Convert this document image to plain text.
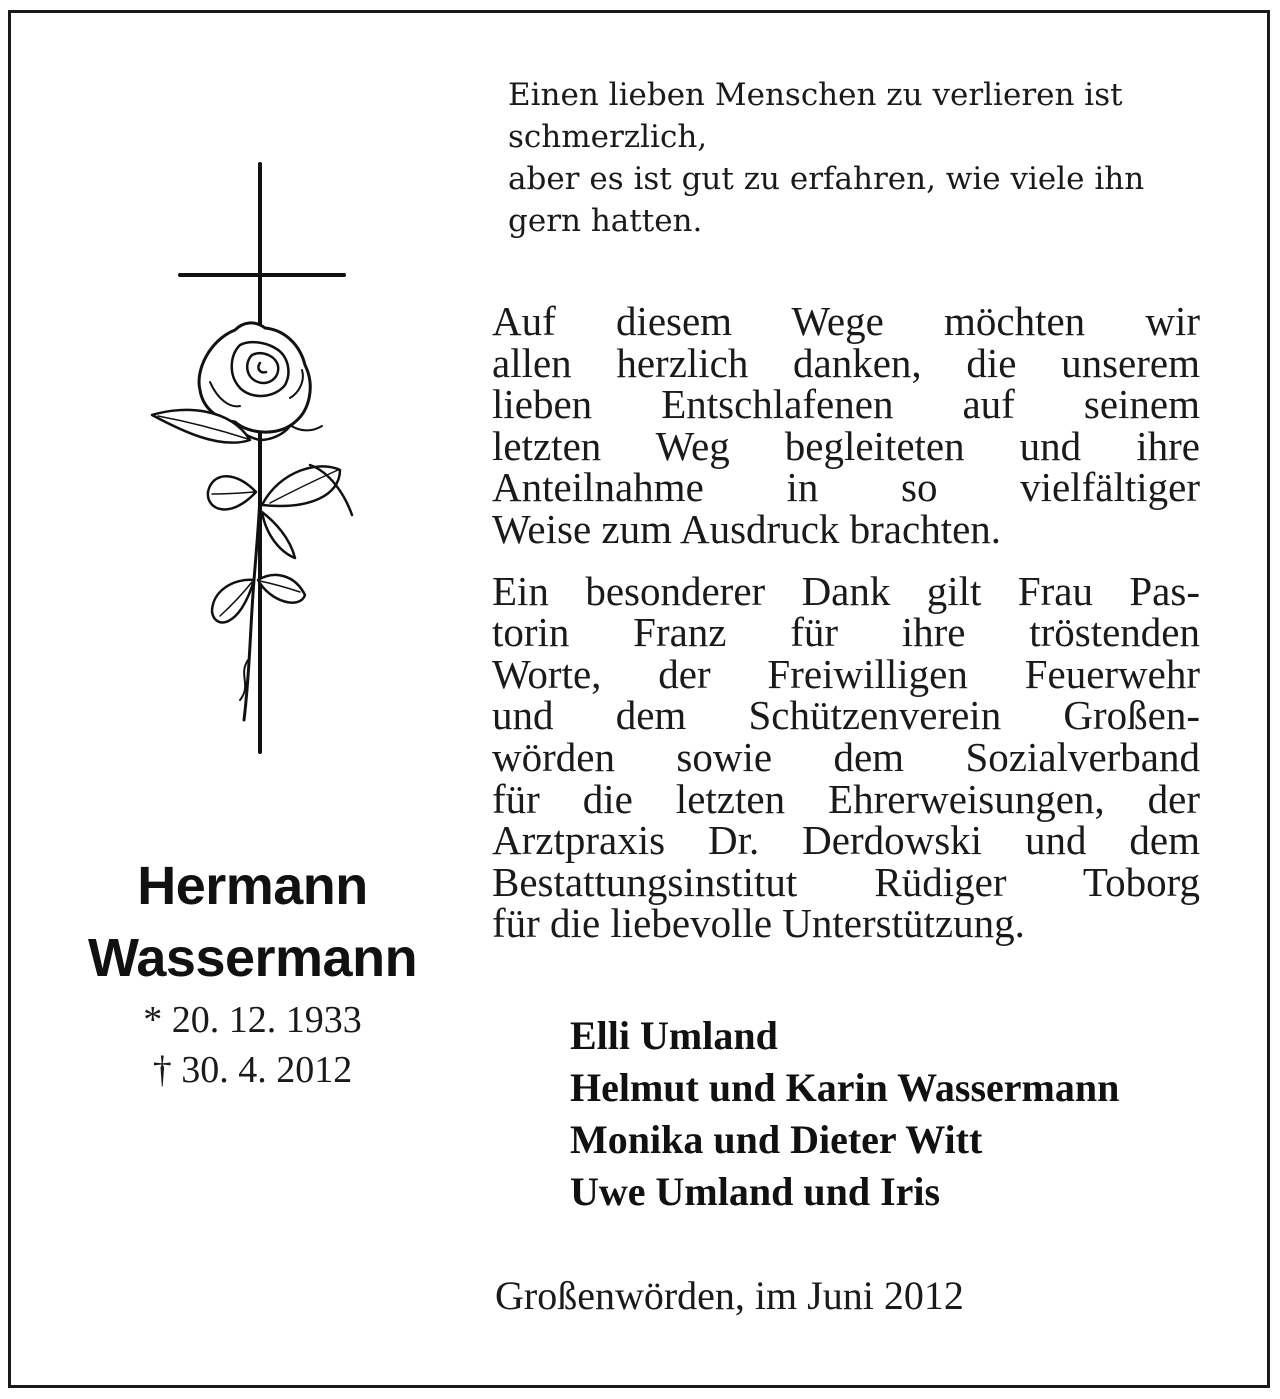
Einen lieben Menschen zu verlieren ist
schmerzlich,
aber es ist gut zu erfahren, wie viele ihn
gern hatten.
Auf diesem Wege möchten wir
allen herzlich danken, die unserem
lieben Entschlafenen auf seinem
letzten Weg begleiteten und ihre
Anteilnahme in so vielfältiger
Weise zum Ausdruck brachten.
Ein besonderer Dank gilt Frau Pas-
torin Franz für ihre tröstenden
Worte, der Freiwilligen Feuerwehr
und dem Schützenverein Großen-
wörden sowie dem Sozialverband
für die letzten Ehrerweisungen, der
Arztpraxis Dr. Derdowski und dem
Bestattungsinstitut Rüdiger Toborg
für die liebevolle Unterstützung.
Elli Umland
Helmut und Karin Wassermann
Monika und Dieter Witt
Uwe Umland und Iris
Großenwörden, im Juni 2012
Hermann
Wassermann
* 20. 12. 1933
† 30. 4. 2012
